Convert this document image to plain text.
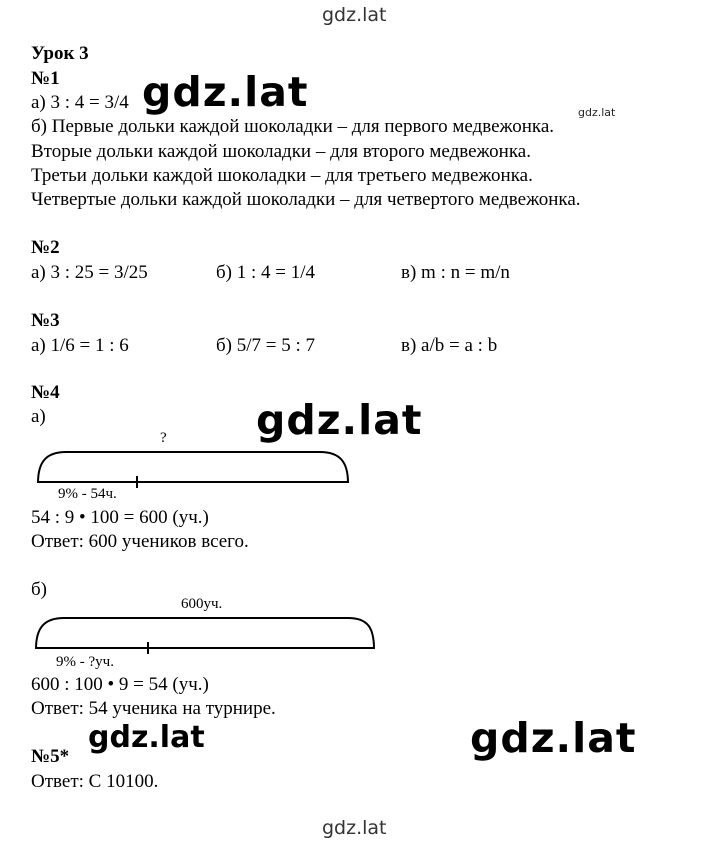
gdz.lat
gdz.lat	gdz.lat
gdz.lat
gdz.lat	gdz.lat
gdz.lat
Урок 3
№1
а) 3 : 4 = 3/4
б) Первые дольки каждой шоколадки – для первого медвежонка.
Вторые дольки каждой шоколадки – для второго медвежонка.
Третьи дольки каждой шоколадки – для третьего медвежонка.
Четвертые дольки каждой шоколадки – для четвертого медвежонка.
№2
а) 3 : 25 = 3/25	б) 1 : 4 = 1/4	в) m : n = m/n
№3
а) 1/6 = 1 : 6	б) 5/7 = 5 : 7	в) a/b = a : b
№4
а)
?
9% - 54ч.
54 : 9 • 100 = 600 (уч.)
Ответ: 600 учеников всего.
б)
600уч.
9% - ?уч.
600 : 100 • 9 = 54 (уч.)
Ответ: 54 ученика на турнире.
№5*
Ответ: С 10100.
